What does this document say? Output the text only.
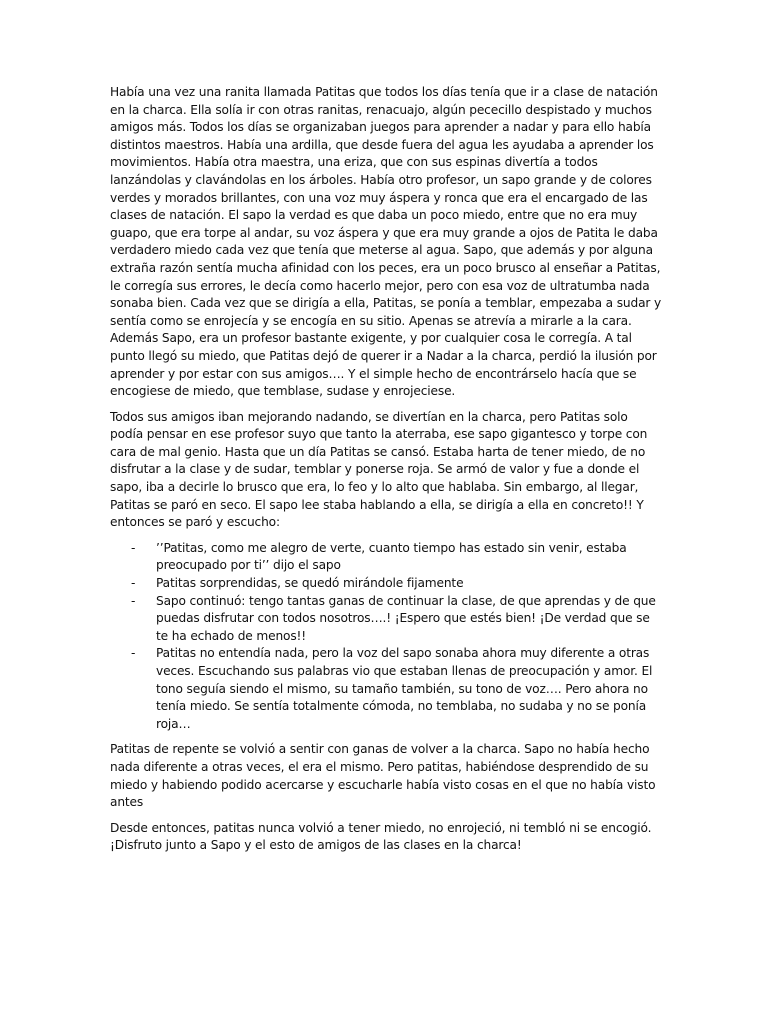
Había una vez una ranita llamada Patitas que todos los días tenía que ir a clase de natación en la charca. Ella solía ir con otras ranitas, renacuajo, algún pececillo despistado y muchos amigos más. Todos los días se organizaban juegos para aprender a nadar y para ello había distintos maestros. Había una ardilla, que desde fuera del agua les ayudaba a aprender los movimientos. Había otra maestra, una eriza, que con sus espinas divertía a todos lanzándolas y clavándolas en los árboles. Había otro profesor, un sapo grande y de colores verdes y morados brillantes, con una voz muy áspera y ronca que era el encargado de las clases de natación. El sapo la verdad es que daba un poco miedo, entre que no era muy guapo, que era torpe al andar, su voz áspera y que era muy grande a ojos de Patita le daba verdadero miedo cada vez que tenía que meterse al agua. Sapo, que además y por alguna extraña razón sentía mucha afinidad con los peces, era un poco brusco al enseñar a Patitas, le corregía sus errores, le decía como hacerlo mejor, pero con esa voz de ultratumba nada sonaba bien. Cada vez que se dirigía a ella, Patitas, se ponía a temblar, empezaba a sudar y sentía como se enrojecía y se encogía en su sitio. Apenas se atrevía a mirarle a la cara. Además Sapo, era un profesor bastante exigente, y por cualquier cosa le corregía. A tal punto llegó su miedo, que Patitas dejó de querer ir a Nadar a la charca, perdió la ilusión por aprender y por estar con sus amigos…. Y el simple hecho de encontrárselo hacía que se encogiese de miedo, que temblase, sudase y enrojeciese.

Todos sus amigos iban mejorando nadando, se divertían en la charca, pero Patitas solo podía pensar en ese profesor suyo que tanto la aterraba, ese sapo gigantesco y torpe con cara de mal genio. Hasta que un día Patitas se cansó. Estaba harta de tener miedo, de no disfrutar a la clase y de sudar, temblar y ponerse roja. Se armó de valor y fue a donde el sapo, iba a decirle lo brusco que era, lo feo y lo alto que hablaba. Sin embargo, al llegar, Patitas se paró en seco. El sapo lee staba hablando a ella, se dirigía a ella en concreto!! Y entonces se paró y escucho:

- ’’Patitas, como me alegro de verte, cuanto tiempo has estado sin venir, estaba preocupado por ti’’ dijo el sapo
- Patitas sorprendidas, se quedó mirándole fijamente
- Sapo continuó: tengo tantas ganas de continuar la clase, de que aprendas y de que puedas disfrutar con todos nosotros….! ¡Espero que estés bien! ¡De verdad que se te ha echado de menos!!
- Patitas no entendía nada, pero la voz del sapo sonaba ahora muy diferente a otras veces. Escuchando sus palabras vio que estaban llenas de preocupación y amor. El tono seguía siendo el mismo, su tamaño también, su tono de voz…. Pero ahora no tenía miedo. Se sentía totalmente cómoda, no temblaba, no sudaba y no se ponía roja…

Patitas de repente se volvió a sentir con ganas de volver a la charca. Sapo no había hecho nada diferente a otras veces, el era el mismo. Pero patitas, habiéndose desprendido de su miedo y habiendo podido acercarse y escucharle había visto cosas en el que no había visto antes

Desde entonces, patitas nunca volvió a tener miedo, no enrojeció, ni tembló ni se encogió. ¡Disfruto junto a Sapo y el esto de amigos de las clases en la charca!
